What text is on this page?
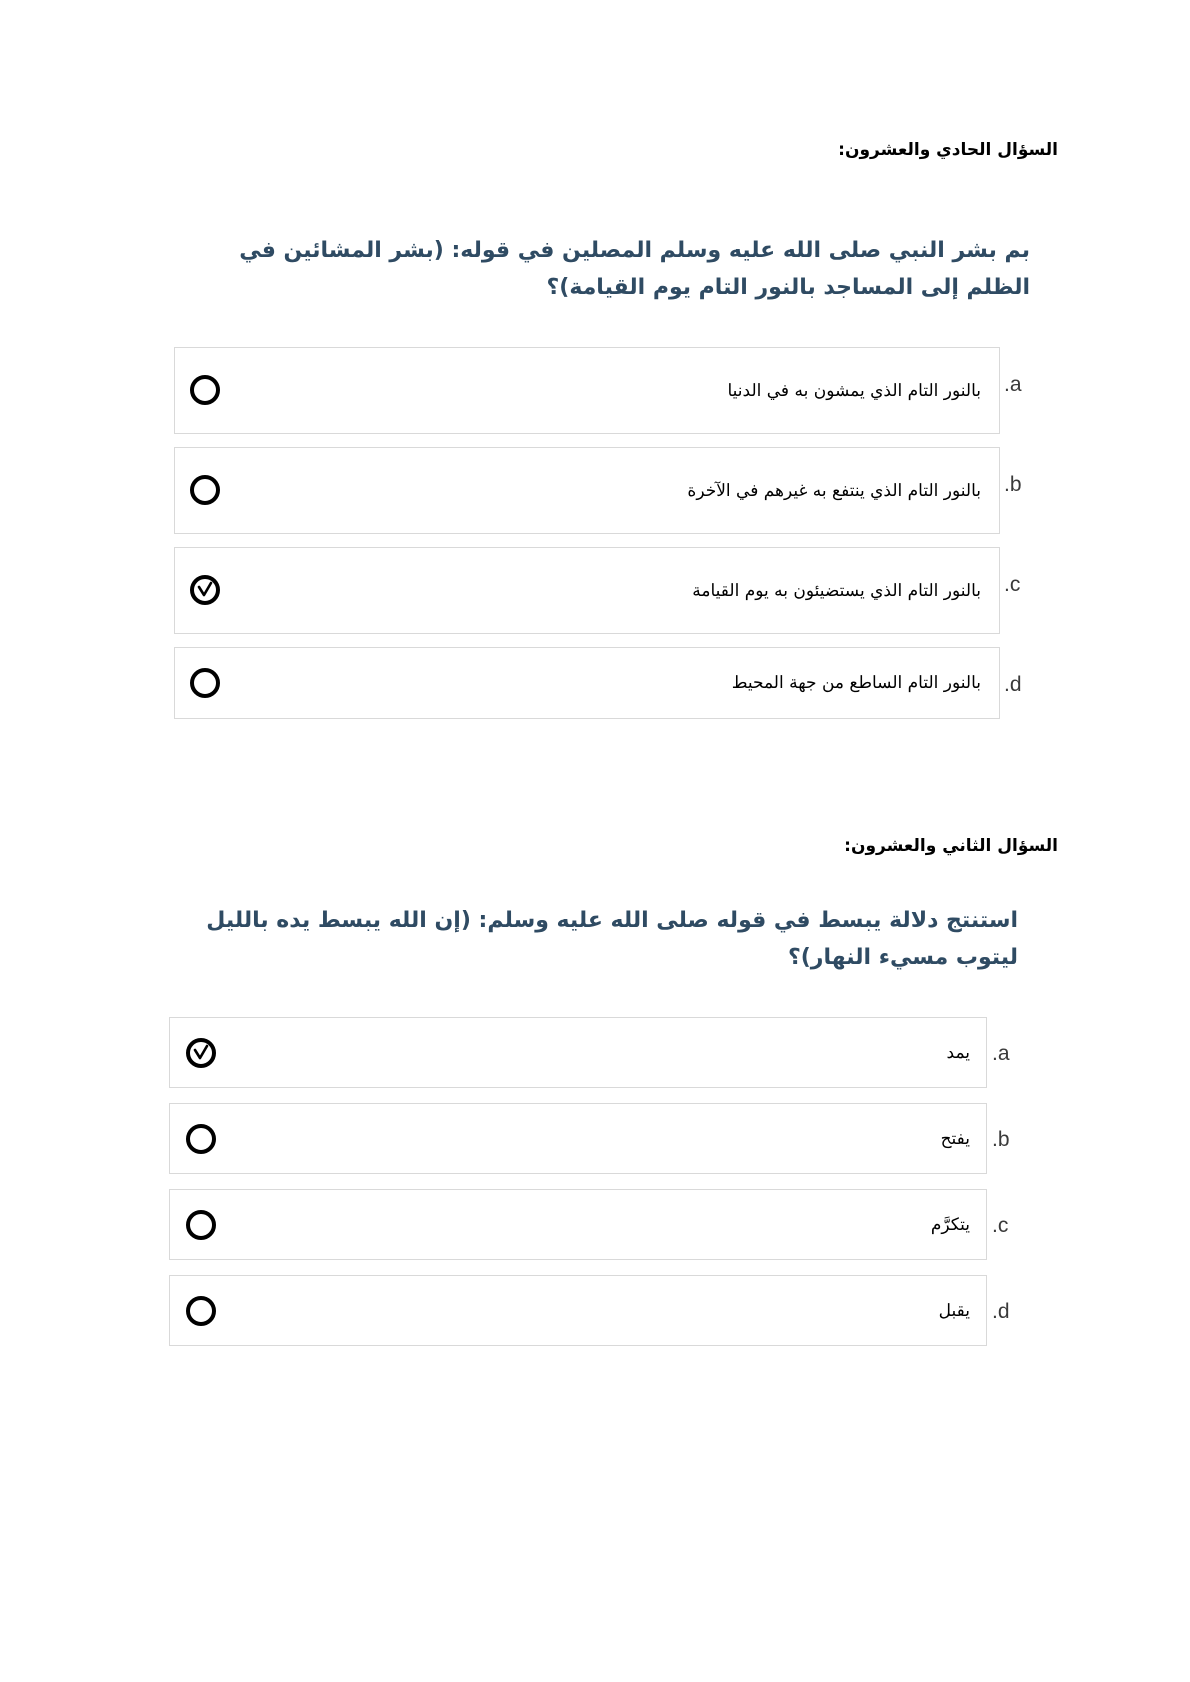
السؤال الحادي والعشرون:
بم بشر النبي صلى الله عليه وسلم المصلين في قوله: (بشر المشائين في الظلم إلى المساجد بالنور التام يوم القيامة)؟
بالنور التام الذي يمشون به في الدنيا .a
بالنور التام الذي ينتفع به غيرهم في الآخرة .b
بالنور التام الذي يستضيئون به يوم القيامة .c
بالنور التام الساطع من جهة المحيط .d
السؤال الثاني والعشرون:
استنتج دلالة يبسط في قوله صلى الله عليه وسلم: (إن الله يبسط يده بالليل ليتوب مسيء النهار)؟
يمد .a
يفتح .b
يتكرَّم .c
يقبل .d
